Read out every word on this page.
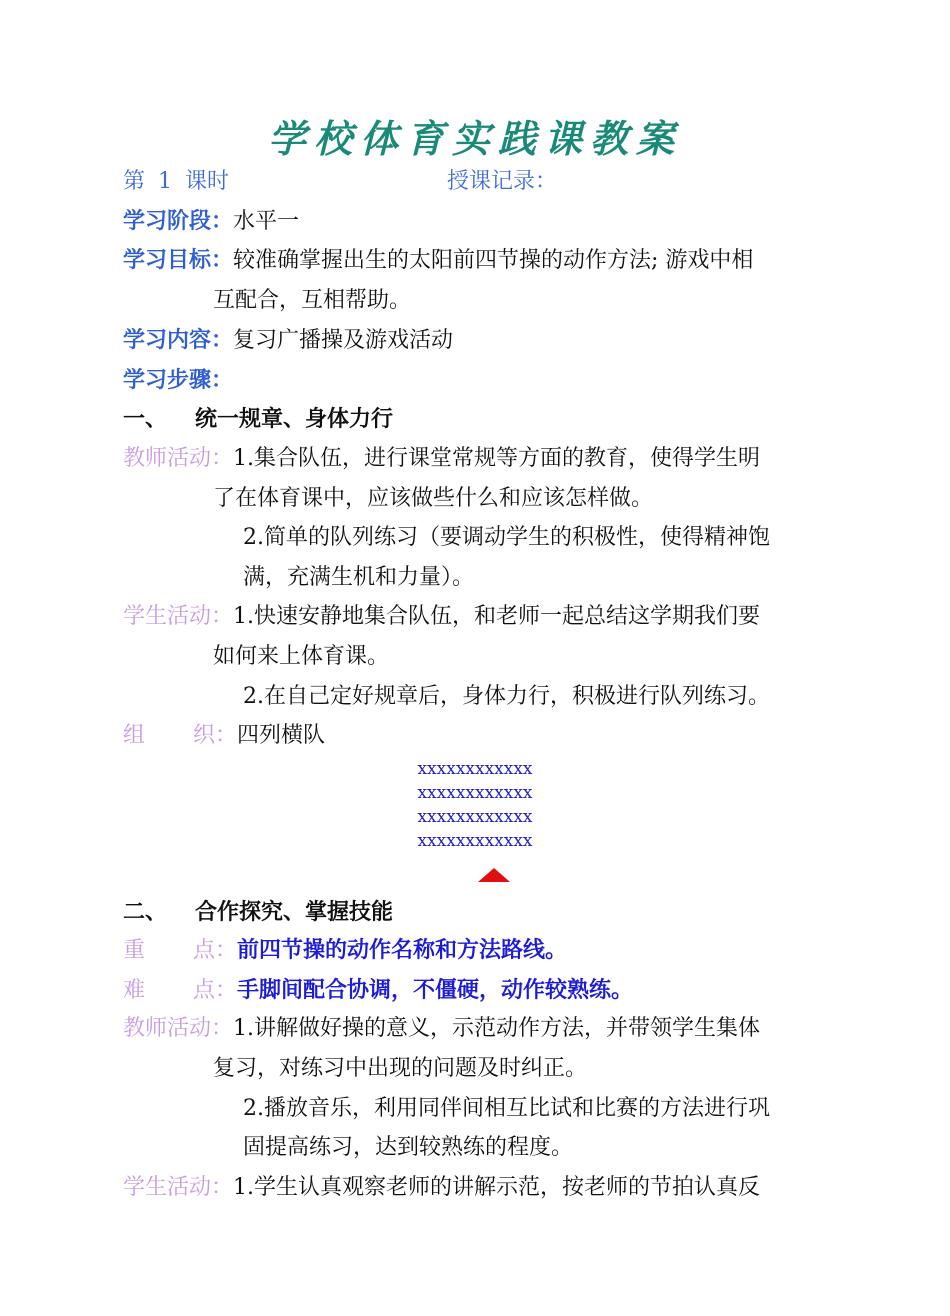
学校体育实践课教案
第 1 课时	授课记录：
学习阶段：水平一
学习目标：较准确掌握出生的太阳前四节操的动作方法; 游戏中相
互配合，互相帮助。
学习内容：复习广播操及游戏活动
学习步骤：
一、 统一规章、身体力行
教师活动：1.集合队伍，进行课堂常规等方面的教育，使得学生明
了在体育课中，应该做些什么和应该怎样做。
2.简单的队列练习（要调动学生的积极性，使得精神饱
满，充满生机和力量）。
学生活动：1.快速安静地集合队伍，和老师一起总结这学期我们要
如何来上体育课。
2.在自己定好规章后，身体力行，积极进行队列练习。
组 织：四列横队
xxxxxxxxxxxx
xxxxxxxxxxxx
xxxxxxxxxxxx
xxxxxxxxxxxx
二、 合作探究、掌握技能
重 点：前四节操的动作名称和方法路线。
难 点：手脚间配合协调，不僵硬，动作较熟练。
教师活动：1.讲解做好操的意义，示范动作方法，并带领学生集体
复习，对练习中出现的问题及时纠正。
2.播放音乐，利用同伴间相互比试和比赛的方法进行巩
固提高练习，达到较熟练的程度。
学生活动：1.学生认真观察老师的讲解示范，按老师的节拍认真反
